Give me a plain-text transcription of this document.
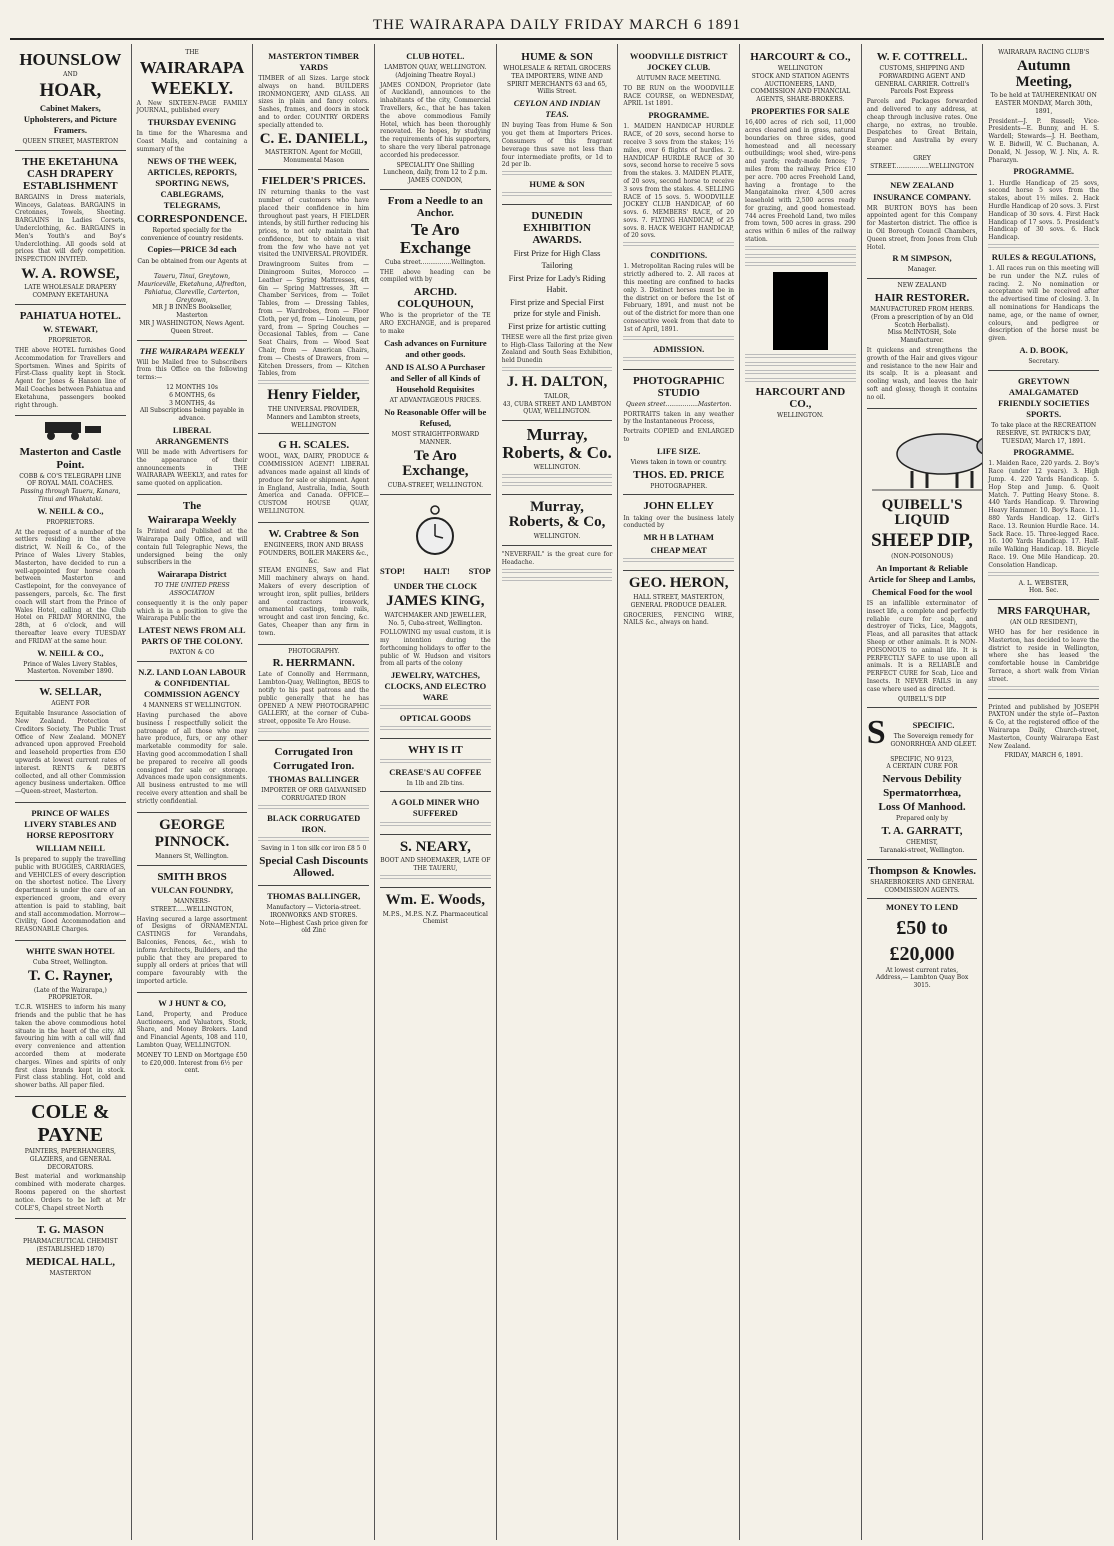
THE WAIRARAPA DAILY FRIDAY MARCH 6 1891
HOUNSLOW
AND
HOAR,
Cabinet Makers, Upholsterers, and Picture Framers.
QUEEN STREET, MASTERTON
THE EKETAHUNA CASH DRAPERY ESTABLISHMENT
BARGAINS in Dress materials, Winceys, Galateas. BARGAINS in Cretonnes, Towels, Sheeting. BARGAINS in Ladies Corsets, Underclothing, &c. BARGAINS in Men's Youth's and Boy's Underclothing. All goods sold at prices that will defy competition. INSPECTION INVITED.
W. A. ROWSE,
LATE WHOLESALE DRAPERY COMPANY EKETAHUNA
PAHIATUA HOTEL.
W. STEWART,
PROPRIETOR.
THE above HOTEL furnishes Good Accommodation for Travellers and Sportsmen. Wines and Spirits of First-Class quality kept in Stock. Agent for Jones & Hanson line of Mail Coaches between Pahiatua and Eketahuna, passengers booked right through.
Masterton and Castle Point.
COBB & CO'S TELEGRAPH LINE OF ROYAL MAIL COACHES.
Passing through Taueru, Kanara, Tinui and Whakataki.
W. NEILL & CO.,
PROPRIETORS.
At the request of a number of the settlers residing in the above district, W. Neill & Co., of the Prince of Wales Livery Stables, Masterton, have decided to run a well-appointed four horse coach between Masterton and Castlepoint, for the conveyance of passengers, parcels, &c. The first coach will start from the Prince of Wales Hotel, calling at the Club Hotel on FRIDAY MORNING, the 28th, at 6 o'clock, and will thereafter leave every TUESDAY and FRIDAY at the same hour.
W. NEILL & CO.,
Prince of Wales Livery Stables, Masterton. November 1890.
W. SELLAR,
AGENT FOR
Equitable Insurance Association of New Zealand. Protection of Creditors Society. The Public Trust Office of New Zealand. MONEY advanced upon approved Freehold and leasehold properties from £50 upwards at lowest current rates of interest. RENTS & DEBTS collected, and all other Commission agency business undertaken. Office—Queen-street, Masterton.
PRINCE OF WALES LIVERY STABLES AND HORSE REPOSITORY
WILLIAM NEILL
Is prepared to supply the travelling public with BUGGIES, CARRIAGES, and VEHICLES of every description on the shortest notice. The Livery department is under the care of an experienced groom, and every attention is paid to stabling, bait and stall accommodation. Morrow—Civility, Good Accommodation and REASONABLE Charges.
WHITE SWAN HOTEL
Cuba Street, Wellington.
T. C. Rayner,
(Late of the Wairarapa,) PROPRIETOR.
T.C.R. WISHES to inform his many friends and the public that he has taken the above commodious hotel situate in the heart of the city. All favouring him with a call will find every convenience and attention accorded them at moderate charges. Wines and spirits of only first class brands kept in stock. First class stabling. Hot, cold and shower baths. All paper filed.
COLE &
PAYNE
PAINTERS, PAPERHANGERS, GLAZIERS, and GENERAL DECORATORS.
Best material and workmanship combined with moderate charges. Rooms papered on the shortest notice. Orders to be left at Mr COLE'S, Chapel street North
T. G. MASON
PHARMACEUTICAL CHEMIST (ESTABLISHED 1870)
MEDICAL HALL,
MASTERTON
THE
WAIRARAPA
WEEKLY.
A New SIXTEEN-PAGE FAMILY JOURNAL, published every
THURSDAY EVENING
In time for the Wharesma and Coast Mails, and containing a summary of the
NEWS OF THE WEEK, ARTICLES, REPORTS, SPORTING NEWS, CABLEGRAMS, TELEGRAMS,
CORRESPONDENCE.
Reported specially for the convenience of country residents.
Copies—PRICE 3d each
Can be obtained from our Agents at—
Taueru, Tinui, Greytown, Mauriceville, Eketahuna, Alfredton, Pahiatua, Clareville, Carterton, Greytown,
MR J B INNES Bookseller, Masterton
MR J WASHINGTON, News Agent. Queen Street.
THE WAIRARAPA WEEKLY
Will be Mailed free to Subscribers from this Office on the following terms:—
12 MONTHS 10s
6 MONTHS, 6s
3 MONTHS, 4s
All Subscriptions being payable in advance.
LIBERAL ARRANGEMENTS
Will be made with Advertisers for the appearance of their announcements in THE WAIRARAPA WEEKLY, and rates for same quoted on application.
The
Wairarapa Weekly
Is Printed and Published at the Wairarapa Daily Office, and will contain full Telegraphic News, the undersigned being the only subscribers in the
Wairarapa District
TO THE UNITED PRESS ASSOCIATION
consequently it is the only paper which is in a position to give the Wairarapa Public the
LATEST NEWS FROM ALL PARTS OF THE COLONY.
PAXTON & CO
N.Z. LAND LOAN LABOUR & CONFIDENTIAL COMMISSION AGENCY
4 MANNERS ST WELLINGTON.
Having purchased the above business I respectfully solicit the patronage of all those who may have produce, furs, or any other marketable commodity for sale. Having good accommodation I shall be prepared to receive all goods consigned for sale or storage. Advances made upon consignments. All business entrusted to me will receive every attention and shall be strictly confidential.
GEORGE
PINNOCK.
Manners St, Wellington.
SMITH BROS
VULCAN FOUNDRY,
MANNERS-STREET......WELLINGTON,
Having secured a large assortment of Designs of ORNAMENTAL CASTINGS for Verandahs, Balconies, Fences, &c., wish to inform Architects, Builders, and the public that they are prepared to supply all orders at prices that will compare favourably with the imported article.
W J HUNT & CO,
Land, Property, and Produce Auctioneers, and Valuators, Stock, Share, and Money Brokers. Land and Financial Agents, 108 and 110, Lambton Quay, WELLINGTON.
MONEY TO LEND on Mortgage £50 to £20,000. Interest from 6½ per cent.
MASTERTON TIMBER YARDS
TIMBER of all Sizes. Large stock always on hand. BUILDERS IRONMONGERY, AND GLASS. All sizes in plain and fancy colors. Sashes, frames, and doors in stock and to order. COUNTRY ORDERS specially attended to.
C. E. DANIELL,
MASTERTON. Agent for McGill, Monumental Mason
FIELDER'S PRICES.
IN returning thanks to the vast number of customers who have placed their confidence in him throughout past years, H FIELDER intends, by still further reducing his prices, to not only maintain that confidence, but to obtain a visit from the few who have not yet visited the UNIVERSAL PROVIDER.
Drawingroom Suites from — Diningroom Suites, Morocco — Leather — Spring Mattresses, 4ft 6in — Spring Mattresses, 3ft — Chamber Services, from — Toilet Tables, from — Dressing Tables, from — Wardrobes, from — Floor Cloth, per yd, from — Linoleum, per yard, from — Spring Couches — Occasional Tables, from — Cane Seat Chairs, from — Wood Seat Chair, from — American Chairs, from — Chests of Drawers, from — Kitchen Dressers, from — Kitchen Tables, from
Henry Fielder,
THE UNIVERSAL PROVIDER, Manners and Lambton streets, WELLINGTON
G H. SCALES.
WOOL, WAX, DAIRY, PRODUCE & COMMISSION AGENT! LIBERAL advances made against all kinds of produce for sale or shipment. Agent in England, Australia, India, South America and Canada. OFFICE—CUSTOM HOUSE QUAY, WELLINGTON.
W. Crabtree & Son
ENGINEERS, IRON AND BRASS FOUNDERS, BOILER MAKERS &c., &c.
STEAM ENGINES, Saw and Flat Mill machinery always on hand. Makers of every description of wrought iron, split pullies, brilders and contractors ironwork, ornamental castings, tomb rails, wrought and cast iron fencing, &c. Gates, Cheaper than any firm in town.
PHOTOGRAPHY.
R. HERRMANN.
Late of Connolly and Herrmann, Lambton-Quay, Wellington, BEGS to notify to his past patrons and the public generally that he has OPENED A NEW PHOTOGRAPHIC GALLERY, at the corner of Cuba-street, opposite Te Aro House.
Corrugated Iron
Corrugated Iron.
THOMAS BALLINGER
IMPORTER OF ORB GALVANISED CORRUGATED IRON
BLACK CORRUGATED IRON.
Saving in 1 ton silk cor iron £8 5 0
Special Cash Discounts Allowed.
THOMAS BALLINGER,
Manufactory — Victoria-street. IRONWORKS AND STORES.
Note—Highest Cash price given for old Zinc
CLUB HOTEL.
LAMBTON QUAY, WELLINGTON. (Adjoining Theatre Royal.)
JAMES CONDON, Proprietor (late of Auckland), announces to the inhabitants of the city, Commercial Travellers, &c., that he has taken the above commodious Family Hotel, which has been thoroughly renovated. He hopes, by studying the requirements of his supporters, to share the very liberal patronage accorded his predecessor.
SPECIALITY One Shilling Luncheon, daily, from 12 to 2 p.m.
JAMES CONDON,
From a Needle to an Anchor.
Te Aro Exchange
Cuba street................Wellington.
THE above heading can be compiled with by
ARCHD. COLQUHOUN,
Who is the proprietor of the TE ARO EXCHANGE, and is prepared to make
Cash advances on Furniture and other goods.
AND IS ALSO A Purchaser and Seller of all Kinds of Household Requisites
AT ADVANTAGEOUS PRICES.
No Reasonable Offer will be Refused,
MOST STRAIGHTFORWARD MANNER.
Te Aro Exchange,
CUBA-STREET, WELLINGTON.
STOP! HALT! STOP
UNDER THE CLOCK
JAMES KING,
WATCHMAKER AND JEWELLER, No. 5, Cuba-street, Wellington.
FOLLOWING my usual custom, it is my intention during the forthcoming holidays to offer to the public of W. Hudson and visitors from all parts of the colony
JEWELRY, WATCHES, CLOCKS, AND ELECTRO WARE
OPTICAL GOODS
WHY IS IT
CREASE'S AU COFFEE
In 1lb and 2lb tins.
A GOLD MINER WHO SUFFERED
S. NEARY,
BOOT AND SHOEMAKER, LATE OF THE TAUERU,
Wm. E. Woods,
M.P.S., M.P.S. N.Z. Pharmaceutical Chemist
HUME & SON
WHOLESALE & RETAIL GROCERS TEA IMPORTERS, WINE AND SPIRIT MERCHANTS 63 and 65, Willis Street.
CEYLON AND INDIAN TEAS.
IN buying Teas from Hume & Son you get them at Importers Prices. Consumers of this fragrant beverage thus save not less than four intermediate profits, or 1d to 2d per lb.
HUME & SON
DUNEDIN EXHIBITION AWARDS.
First Prize for High Class Tailoring
First Prize for Lady's Riding Habit.
First prize and Special First prize for style and Finish.
First prize for artistic cutting
THESE were all the first prize given to High-Class Tailoring at the New Zealand and South Seas Exhibition, held Dunedin
J. H. DALTON,
TAILOR,
43, CUBA STREET AND LAMBTON QUAY, WELLINGTON.
Murray, Roberts, & Co.
WELLINGTON.
Murray, Roberts, & Co,
WELLINGTON.
"NEVERFAIL" is the great cure for Headache.
WOODVILLE DISTRICT JOCKEY CLUB.
AUTUMN RACE MEETING.
TO BE RUN on the WOODVILLE RACE COURSE, on WEDNESDAY, APRIL 1st 1891.
PROGRAMME.
1. MAIDEN HANDICAP HURDLE RACE, of 20 sovs, second horse to receive 3 sovs from the stakes; 1½ miles, over 6 flights of hurdles. 2. HANDICAP HURDLE RACE of 30 sovs, second horse to receive 5 sovs from the stakes. 3. MAIDEN PLATE, of 20 sovs, second horse to receive 3 sovs from the stakes. 4. SELLING RACE of 15 sovs. 5. WOODVILLE JOCKEY CLUB HANDICAP, of 60 sovs. 6. MEMBERS' RACE, of 20 sovs. 7. FLYING HANDICAP, of 25 sovs. 8. HACK WEIGHT HANDICAP, of 20 sovs.
CONDITIONS.
1. Metropolitan Racing rules will be strictly adhered to. 2. All races at this meeting are confined to hacks only. 3. Distinct horses must be in the district on or before the 1st of February, 1891, and must not be out of the district for more than one consecutive week from that date to 1st of April, 1891.
ADMISSION.
PHOTOGRAPHIC STUDIO
Queen street.................Masterton.
PORTRAITS taken in any weather by the Instantaneous Process,
Portraits COPIED and ENLARGED to
LIFE SIZE.
Views taken in town or country.
THOS. ED. PRICE
PHOTOGRAPHER.
JOHN ELLEY
In taking over the business lately conducted by
MR H B LATHAM
CHEAP MEAT
GEO. HERON,
HALL STREET, MASTERTON,
GENERAL PRODUCE DEALER.
GROCERIES, FENCING WIRE, NAILS &c., always on hand.
HARCOURT & CO.,
WELLINGTON
STOCK AND STATION AGENTS AUCTIONEERS, LAND, COMMISSION AND FINANCIAL AGENTS, SHARE-BROKERS.
PROPERTIES FOR SALE
16,400 acres of rich soil, 11,000 acres cleared and in grass, natural boundaries on three sides, good homestead and all necessary outbuildings; wool shed, wire-pens and yards; ready-made fences; 7 miles from the railway. Price £10 per acre. 700 acres Freehold Land, having a frontage to the Mangatainoka river. 4,500 acres leasehold with 2,500 acres ready for grazing, and good homestead. 744 acres Freehold Land, two miles from town, 500 acres in grass. 290 acres within 6 miles of the railway station.
HARCOURT AND CO.,
WELLINGTON.
W. F. COTTRELL.
CUSTOMS, SHIPPING AND FORWARDING AGENT AND GENERAL CARRIER. Cottrell's Parcels Post Express
Parcels and Packages forwarded and delivered to any address, at cheap through inclusive rates. One charge, no extras, no trouble. Despatches to Great Britain, Europe and Australia by every steamer.
GREY STREET..................WELLINGTON
NEW ZEALAND INSURANCE COMPANY.
MR BURTON BOYS has been appointed agent for this Company for Masterton district. The office is in Oil Borough Council Chambers, Queen street, from Jones from Club Hotel.
R M SIMPSON,
Manager.
NEW ZEALAND
HAIR RESTORER.
MANUFACTURED FROM HERBS. (From a prescription of by an Old Scotch Herbalist).
Miss McINTOSH, Sole Manufacturer.
It quickens and strengthens the growth of the Hair and gives vigour and resistance to the new Hair and its scalp. It is a pleasant and cooling wash, and leaves the hair soft and glossy, though it contains no oil.
QUIBELL'S LIQUID
SHEEP DIP,
(NON-POISONOUS)
An Important & Reliable Article for Sheep and Lambs,
Chemical Food for the wool
IS an infallible exterminator of insect life, a complete and perfectly reliable cure for scab, and destroyer of Ticks, Lice, Maggots, Fleas, and all parasites that attack Sheep or other animals. It is NON-POISONOUS to animal life. It is PERFECTLY SAFE to use upon all animals. It is a RELIABLE and PERFECT CURE for Scab, Lice and Insects. It NEVER FAILS in any case where used as directed.
QUIBELL'S DIP
S	SPECIFIC.
The Sovereign remedy for GONORRHŒA AND GLEET.
SPECIFIC, NO 9123,
A CERTAIN CURE FOR
Nervous Debility
Spermatorrhœa,
Loss Of Manhood.
Prepared only by
T. A. GARRATT,
CHEMIST,
Taranaki-street, Wellington.
Thompson & Knowles.
SHAREBROKERS AND GENERAL COMMISSION AGENTS.
MONEY TO LEND
£50 to £20,000
At lowest current rates,
Address,— Lambton Quay Box 3015.
WAIRARAPA RACING CLUB'S
Autumn Meeting,
To be held at TAUHERENIKAU ON EASTER MONDAY, March 30th, 1891,
President—J. P. Russell; Vice-Presidents—E. Bunny, and H. S. Wardell; Stewards—J. H. Beetham, W. E. Bidwill, W. C. Buchanan, A. Donald, N. Jessop, W. J. Nix, A. R. Pharazyn.
PROGRAMME.
1. Hurdle Handicap of 25 sovs, second horse 5 sovs from the stakes, about 1½ miles. 2. Hack Hurdle Handicap of 20 sovs. 3. First Handicap of 30 sovs. 4. First Hack Handicap of 17 sovs. 5. President's Handicap of 30 sovs. 6. Hack Handicap.
RULES & REGULATIONS,
1. All races run on this meeting will be run under the N.Z. rules of racing. 2. No nomination or acceptance will be received after the advertised time of closing. 3. In all nominations for Handicaps the name, age, or the name of owner, colours, and pedigree or description of the horse must be given.
A. D. BOOK,
Secretary.
GREYTOWN AMALGAMATED FRIENDLY SOCIETIES SPORTS.
To take place at the RECREATION RESERVE, ST. PATRICK'S DAY, TUESDAY, March 17, 1891.
PROGRAMME.
1. Maiden Race, 220 yards. 2. Boy's Race (under 12 years). 3. High Jump. 4. 220 Yards Handicap. 5. Hop Step and Jump. 6. Quoit Match. 7. Putting Heavy Stone. 8. 440 Yards Handicap. 9. Throwing Heavy Hammer. 10. Boy's Race. 11. 880 Yards Handicap. 12. Girl's Race. 13. Reunion Hurdle Race. 14. Sack Race. 15. Three-legged Race. 16. 100 Yards Handicap. 17. Half-mile Walking Handicap. 18. Bicycle Race. 19. One Mile Handicap. 20. Consolation Handicap.
A. L. WEBSTER,
Hon. Sec.
MRS FARQUHAR,
(AN OLD RESIDENT),
WHO has for her residence in Masterton, has decided to leave the district to reside in Wellington, where she has leased the comfortable house in Cambridge Terrace, a short walk from Vivian street.
Printed and published by JOSEPH PAXTON under the style of—Paxton & Co, at the registered office of the Wairarapa Daily, Church-street, Masterton, County Wairarapa East New Zealand.
FRIDAY, MARCH 6, 1891.
